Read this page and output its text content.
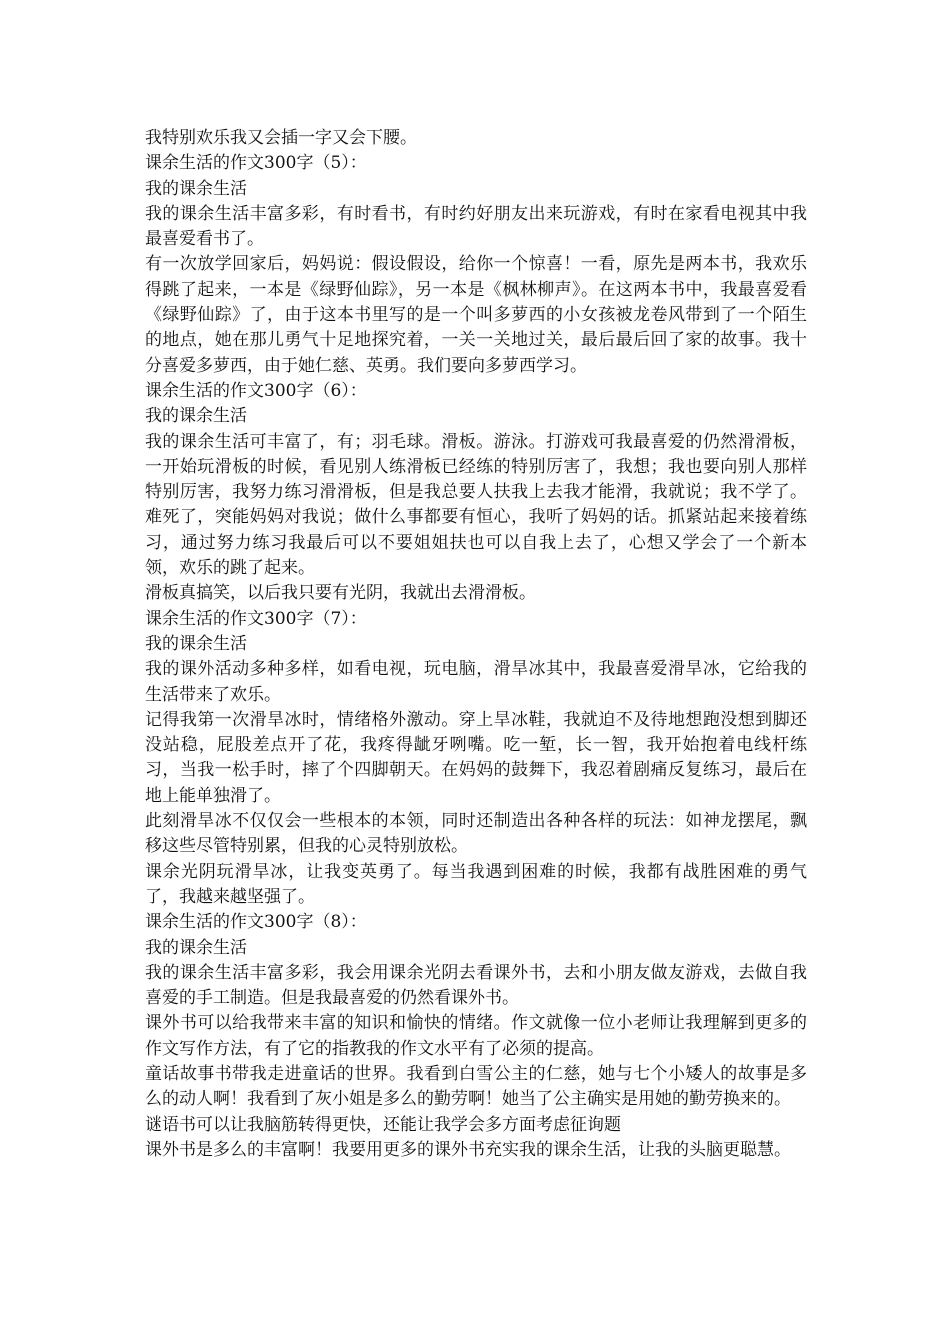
我特别欢乐我又会插一字又会下腰。

课余生活的作文300字（5）：

我的课余生活

我的课余生活丰富多彩，有时看书，有时约好朋友出来玩游戏，有时在家看电视其中我最喜爱看书了。

有一次放学回家后，妈妈说：假设假设，给你一个惊喜！一看，原先是两本书，我欢乐得跳了起来，一本是《绿野仙踪》，另一本是《枫林柳声》。在这两本书中，我最喜爱看《绿野仙踪》了，由于这本书里写的是一个叫多萝西的小女孩被龙卷风带到了一个陌生的地点，她在那儿勇气十足地探究着，一关一关地过关，最后最后回了家的故事。我十分喜爱多萝西，由于她仁慈、英勇。我们要向多萝西学习。

课余生活的作文300字（6）：

我的课余生活

我的课余生活可丰富了，有；羽毛球。滑板。游泳。打游戏可我最喜爱的仍然滑滑板，一开始玩滑板的时候，看见别人练滑板已经练的特别厉害了，我想；我也要向别人那样特别厉害，我努力练习滑滑板，但是我总要人扶我上去我才能滑，我就说；我不学了。难死了，突能妈妈对我说；做什么事都要有恒心，我听了妈妈的话。抓紧站起来接着练习，通过努力练习我最后可以不要姐姐扶也可以自我上去了，心想又学会了一个新本领，欢乐的跳了起来。

滑板真搞笑，以后我只要有光阴，我就出去滑滑板。

课余生活的作文300字（7）：

我的课余生活

我的课外活动多种多样，如看电视，玩电脑，滑旱冰其中，我最喜爱滑旱冰，它给我的生活带来了欢乐。

记得我第一次滑旱冰时，情绪格外激动。穿上旱冰鞋，我就迫不及待地想跑没想到脚还没站稳，屁股差点开了花，我疼得龇牙咧嘴。吃一堑，长一智，我开始抱着电线杆练习，当我一松手时，摔了个四脚朝天。在妈妈的鼓舞下，我忍着剧痛反复练习，最后在地上能单独滑了。

此刻滑旱冰不仅仅会一些根本的本领，同时还制造出各种各样的玩法：如神龙摆尾，飘移这些尽管特别累，但我的心灵特别放松。

课余光阴玩滑旱冰，让我变英勇了。每当我遇到困难的时候，我都有战胜困难的勇气了，我越来越坚强了。

课余生活的作文300字（8）：

我的课余生活

我的课余生活丰富多彩，我会用课余光阴去看课外书，去和小朋友做友游戏，去做自我喜爱的手工制造。但是我最喜爱的仍然看课外书。

课外书可以给我带来丰富的知识和愉快的情绪。作文就像一位小老师让我理解到更多的作文写作方法，有了它的指教我的作文水平有了必须的提高。

童话故事书带我走进童话的世界。我看到白雪公主的仁慈，她与七个小矮人的故事是多么的动人啊！我看到了灰小姐是多么的勤劳啊！她当了公主确实是用她的勤劳换来的。

谜语书可以让我脑筋转得更快，还能让我学会多方面考虑征询题

课外书是多么的丰富啊！我要用更多的课外书充实我的课余生活，让我的头脑更聪慧。
